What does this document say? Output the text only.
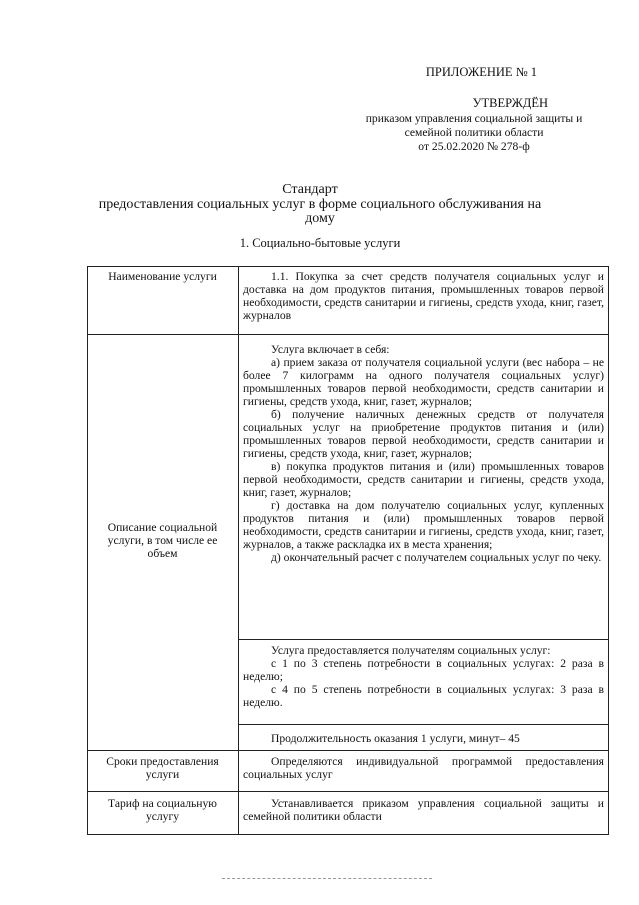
ПРИЛОЖЕНИЕ № 1
УТВЕРЖДЁН
приказом управления социальной защиты и
семейной политики области
от 25.02.2020 № 278-ф
Стандарт
предоставления социальных услуг в форме социального обслуживания на
дому
1. Социально-бытовые услуги
Наименование услуги	1.1. Покупка за счет средств получателя социальных услуг и доставка на дом продуктов питания, промышленных товаров первой необходимости, средств санитарии и гигиены, средств ухода, книг, газет, журналов
Описание социальной услуги, в том числе ее объем

Услуга включает в себя:

а) прием заказа от получателя социальной услуги (вес набора – не более 7 килограмм на одного получателя социальных услуг) промышленных товаров первой необходимости, средств санитарии и гигиены, средств ухода, книг, газет, журналов;

б) получение наличных денежных средств от получателя социальных услуг на приобретение продуктов питания и (или) промышленных товаров первой необходимости, средств санитарии и гигиены, средств ухода, книг, газет, журналов;

в) покупка продуктов питания и (или) промышленных товаров первой необходимости, средств санитарии и гигиены, средств ухода, книг, газет, журналов;

г) доставка на дом получателю социальных услуг, купленных продуктов питания и (или) промышленных товаров первой необходимости, средств санитарии и гигиены, средств ухода, книг, газет, журналов, а также раскладка их в места хранения;

д) окончательный расчет с получателем социальных услуг по чеку.

Услуга предоставляется получателям социальных услуг:

с 1 по 3 степень потребности в социальных услугах: 2 раза в неделю;

с 4 по 5 степень потребности в социальных услугах: 3 раза в неделю.

Продолжительность оказания 1 услуги, минут– 45
Сроки предоставления услуги
Определяются индивидуальной программой предоставления социальных услуг
Тариф на социальную услугу
Устанавливается приказом управления социальной защиты и семейной политики области
